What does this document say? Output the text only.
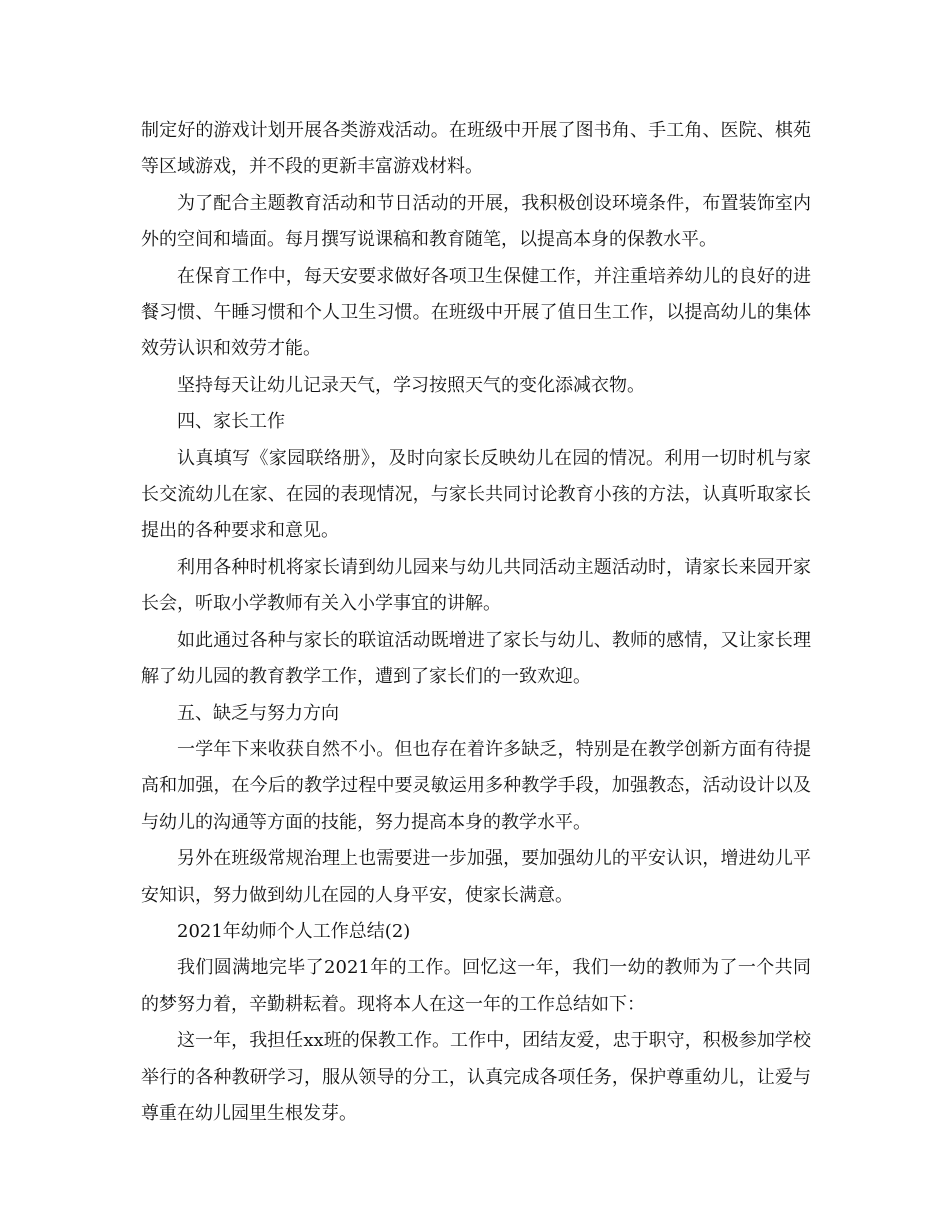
制定好的游戏计划开展各类游戏活动。在班级中开展了图书角、手工角、医院、棋苑等区域游戏，并不段的更新丰富游戏材料。

为了配合主题教育活动和节日活动的开展，我积极创设环境条件，布置装饰室内外的空间和墙面。每月撰写说课稿和教育随笔，以提高本身的保教水平。

在保育工作中，每天安要求做好各项卫生保健工作，并注重培养幼儿的良好的进餐习惯、午睡习惯和个人卫生习惯。在班级中开展了值日生工作，以提高幼儿的集体效劳认识和效劳才能。

坚持每天让幼儿记录天气，学习按照天气的变化添减衣物。

四、家长工作

认真填写《家园联络册》，及时向家长反映幼儿在园的情况。利用一切时机与家长交流幼儿在家、在园的表现情况，与家长共同讨论教育小孩的方法，认真听取家长提出的各种要求和意见。

利用各种时机将家长请到幼儿园来与幼儿共同活动主题活动时，请家长来园开家长会，听取小学教师有关入小学事宜的讲解。

如此通过各种与家长的联谊活动既增进了家长与幼儿、教师的感情，又让家长理解了幼儿园的教育教学工作，遭到了家长们的一致欢迎。

五、缺乏与努力方向

一学年下来收获自然不小。但也存在着许多缺乏，特别是在教学创新方面有待提高和加强，在今后的教学过程中要灵敏运用多种教学手段，加强教态，活动设计以及与幼儿的沟通等方面的技能，努力提高本身的教学水平。

另外在班级常规治理上也需要进一步加强，要加强幼儿的平安认识，增进幼儿平安知识，努力做到幼儿在园的人身平安，使家长满意。

2021年幼师个人工作总结(2)

我们圆满地完毕了2021年的工作。回忆这一年，我们一幼的教师为了一个共同的梦努力着，辛勤耕耘着。现将本人在这一年的工作总结如下：

这一年，我担任xx班的保教工作。工作中，团结友爱，忠于职守，积极参加学校举行的各种教研学习，服从领导的分工，认真完成各项任务，保护尊重幼儿，让爱与尊重在幼儿园里生根发芽。
